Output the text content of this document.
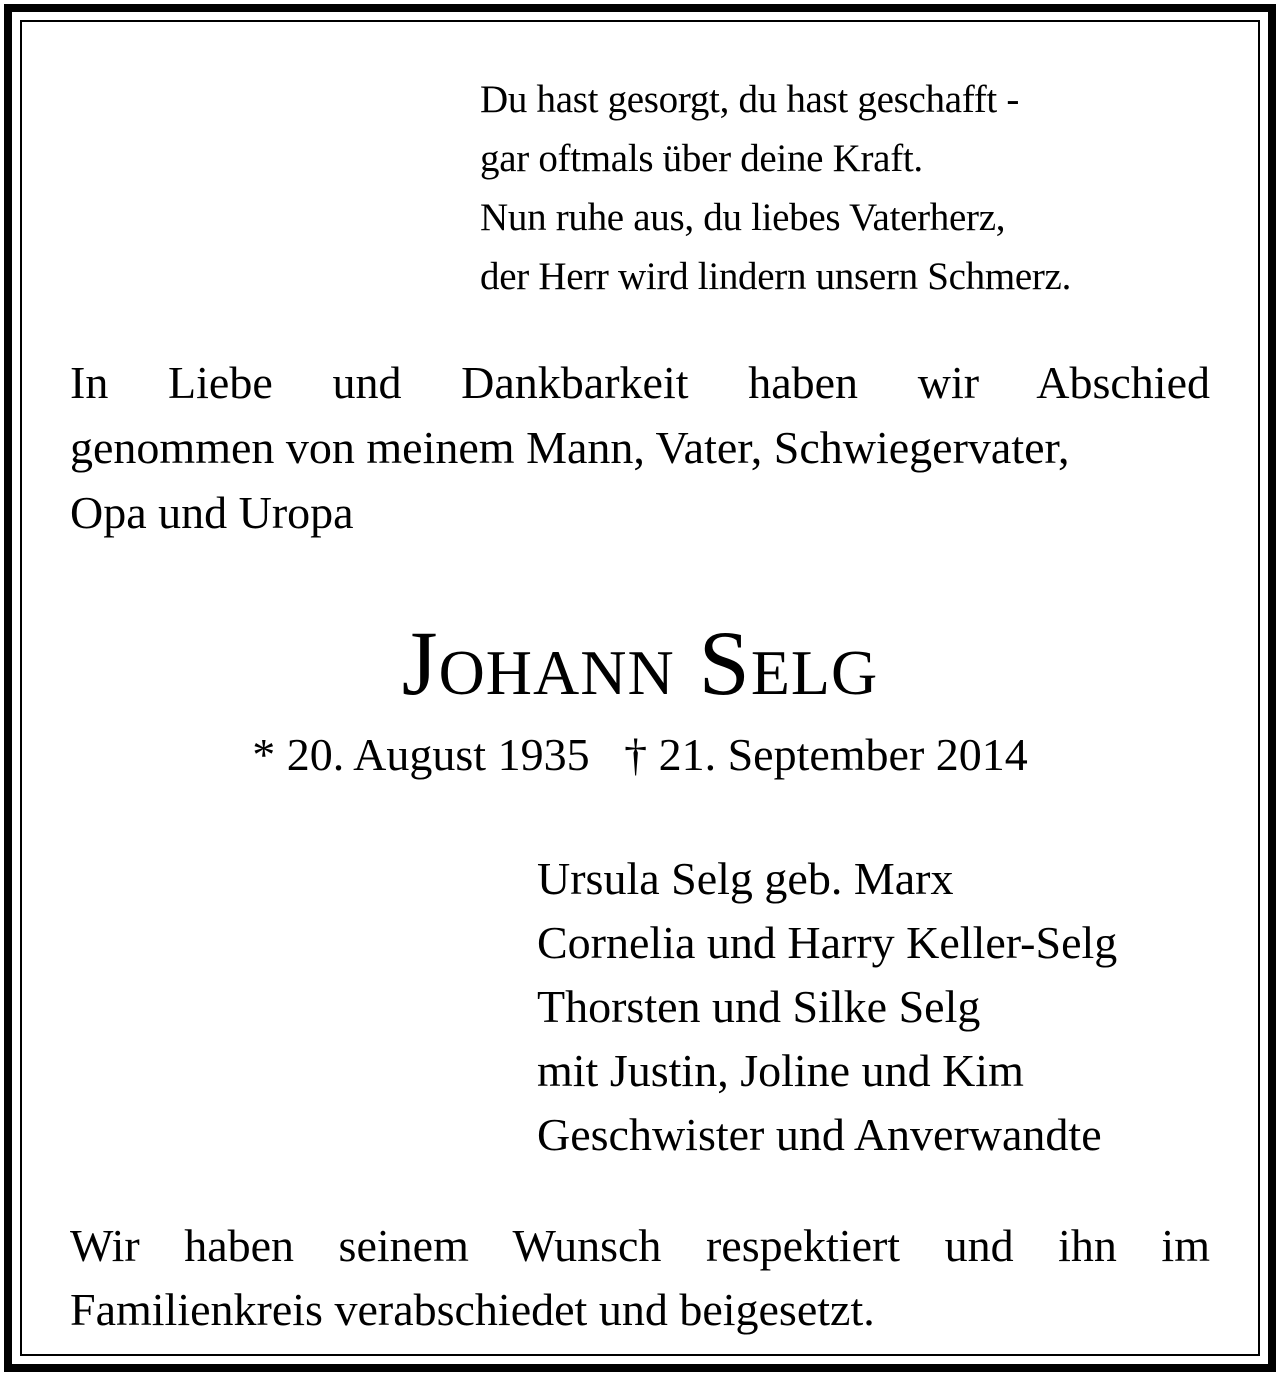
Du hast gesorgt, du hast geschafft -
gar oftmals über deine Kraft.
Nun ruhe aus, du liebes Vaterherz,
der Herr wird lindern unsern Schmerz.
In Liebe und Dankbarkeit haben wir Abschied
genommen von meinem Mann, Vater, Schwiegervater,
Opa und Uropa
Johann Selg
* 20. August 1935   † 21. September 2014
Ursula Selg geb. Marx
Cornelia und Harry Keller-Selg
Thorsten und Silke Selg
mit Justin, Joline und Kim
Geschwister und Anverwandte
Wir haben seinem Wunsch respektiert und ihn im
Familienkreis verabschiedet und beigesetzt.
